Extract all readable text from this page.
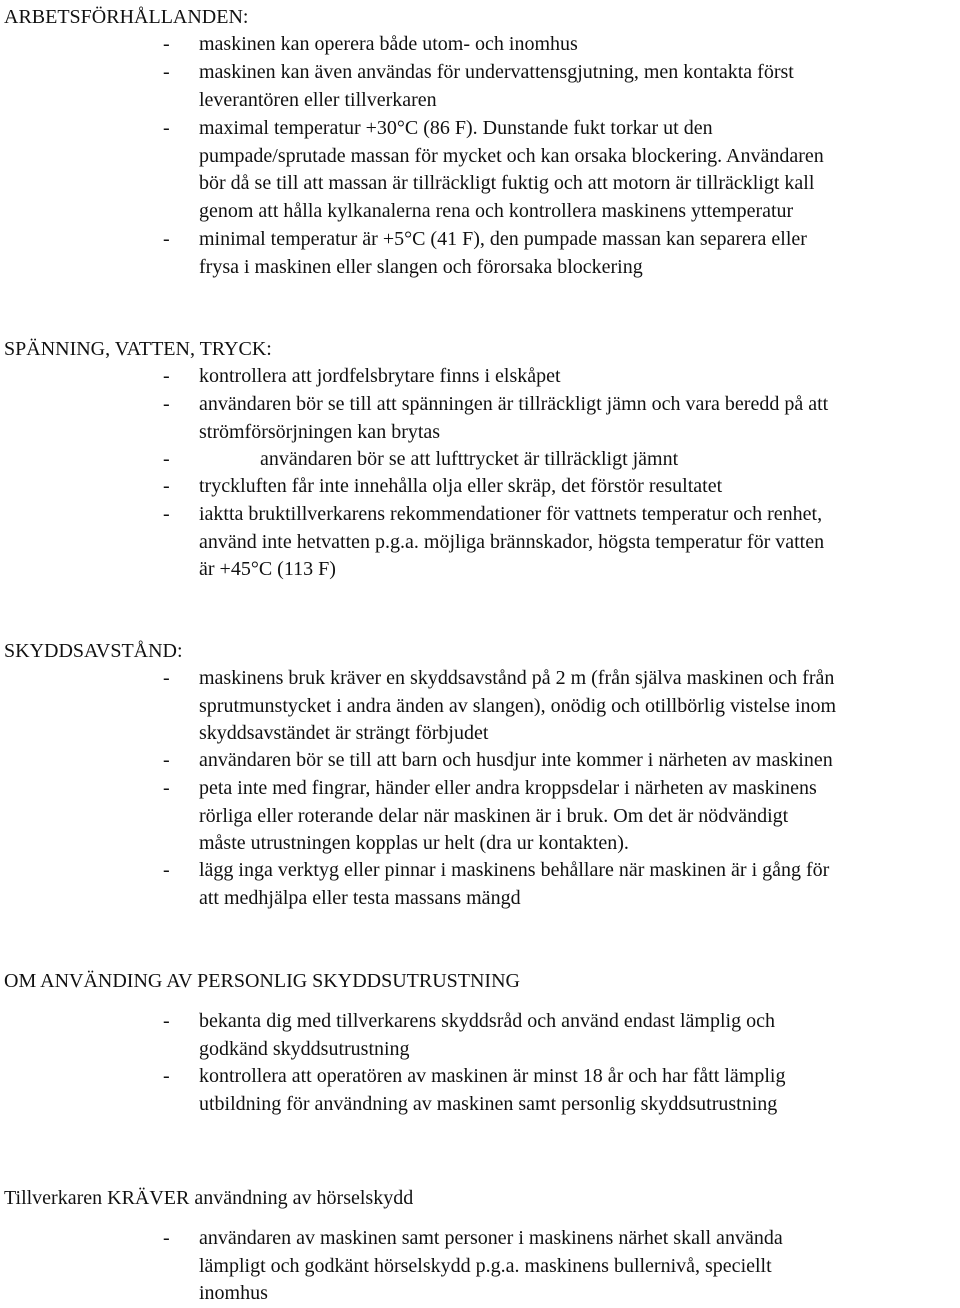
ARBETSFÖRHÅLLANDEN:
- maskinen kan operera både utom- och inomhus
- maskinen kan även användas för undervattensgjutning, men kontakta först
leverantören eller tillverkaren
- maximal temperatur +30°C (86 F). Dunstande fukt torkar ut den
pumpade/sprutade massan för mycket och kan orsaka blockering. Användaren
bör då se till att massan är tillräckligt fuktig och att motorn är tillräckligt kall
genom att hålla kylkanalerna rena och kontrollera maskinens yttemperatur
- minimal temperatur är +5°C (41 F), den pumpade massan kan separera eller
frysa i maskinen eller slangen och förorsaka blockering
SPÄNNING, VATTEN, TRYCK:
- kontrollera att jordfelsbrytare finns i elskåpet
- användaren bör se till att spänningen är tillräckligt jämn och vara beredd på att
strömförsörjningen kan brytas
-	användaren bör se att lufttrycket är tillräckligt jämnt
- tryckluften får inte innehålla olja eller skräp, det förstör resultatet
- iaktta bruktillverkarens rekommendationer för vattnets temperatur och renhet,
använd inte hetvatten p.g.a. möjliga brännskador, högsta temperatur för vatten
är +45°C (113 F)
SKYDDSAVSTÅND:
- maskinens bruk kräver en skyddsavstånd på 2 m (från själva maskinen och från
sprutmunstycket i andra änden av slangen), onödig och otillbörlig vistelse inom
skyddsavständet är strängt förbjudet
- användaren bör se till att barn och husdjur inte kommer i närheten av maskinen
- peta inte med fingrar, händer eller andra kroppsdelar i närheten av maskinens
rörliga eller roterande delar när maskinen är i bruk. Om det är nödvändigt
måste utrustningen kopplas ur helt (dra ur kontakten).
- lägg inga verktyg eller pinnar i maskinens behållare när maskinen är i gång för
att medhjälpa eller testa massans mängd
OM ANVÄNDING AV PERSONLIG SKYDDSUTRUSTNING
- bekanta dig med tillverkarens skyddsråd och använd endast lämplig och
godkänd skyddsutrustning
- kontrollera att operatören av maskinen är minst 18 år och har fått lämplig
utbildning för användning av maskinen samt personlig skyddsutrustning
Tillverkaren KRÄVER användning av hörselskydd
- användaren av maskinen samt personer i maskinens närhet skall använda
lämpligt och godkänt hörselskydd p.g.a. maskinens bullernivå, speciellt
inomhus
